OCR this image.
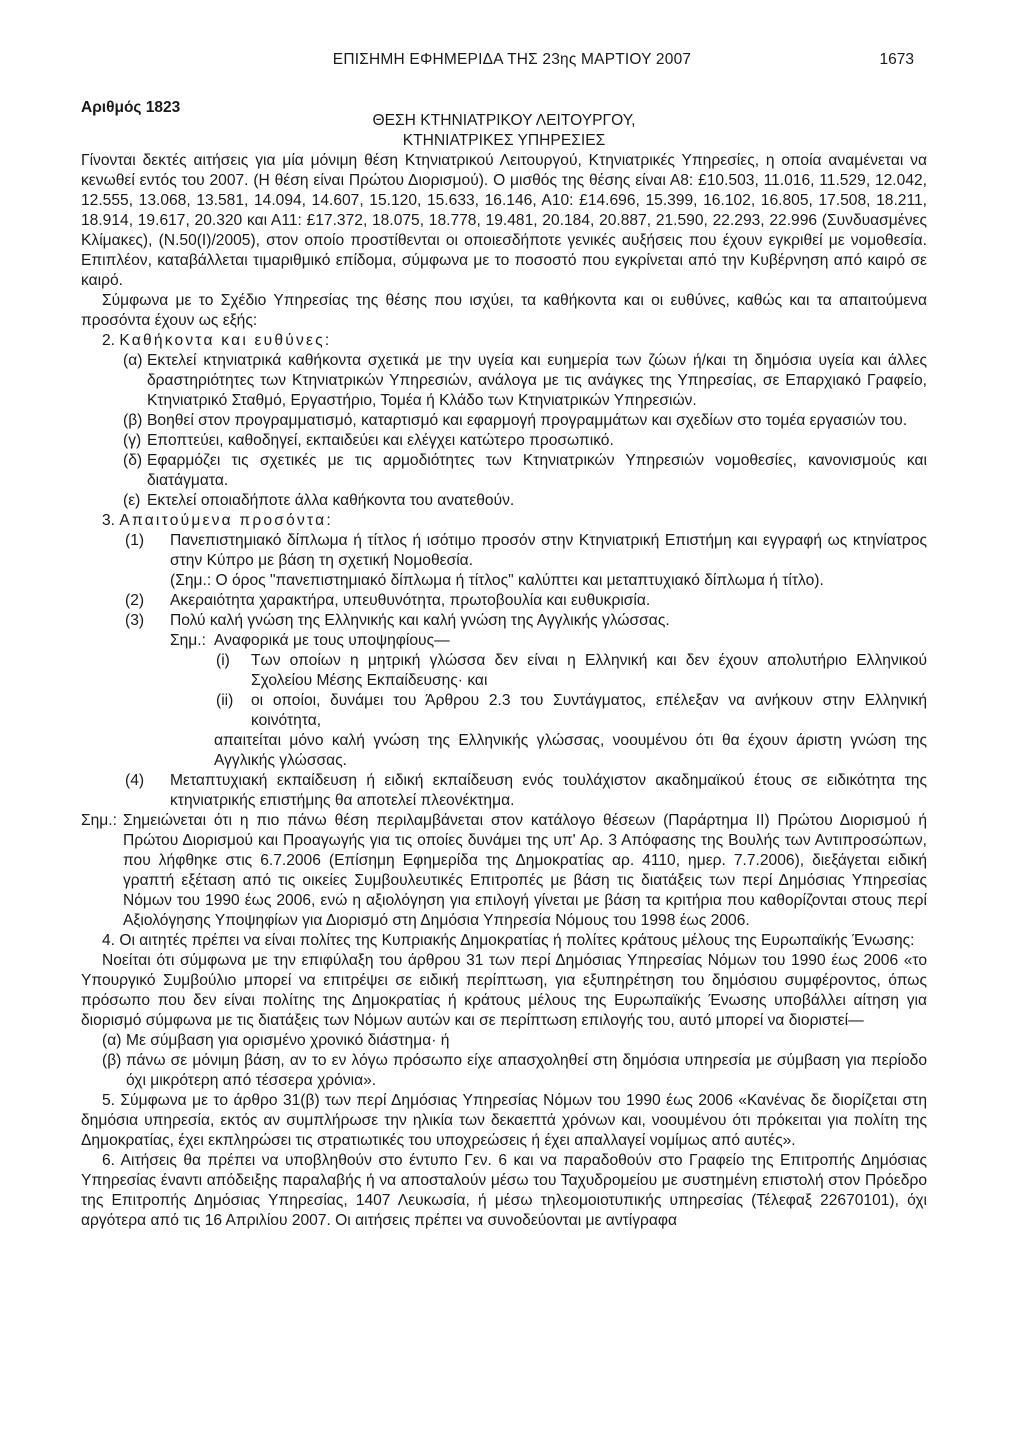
ΕΠΙΣΗΜΗ ΕΦΗΜΕΡΙΔΑ ΤΗΣ 23ης ΜΑΡΤΙΟΥ 2007	1673
Αριθμός 1823

ΘΕΣΗ ΚΤΗΝΙΑΤΡΙΚΟΥ ΛΕΙΤΟΥΡΓΟΥ,

ΚΤΗΝΙΑΤΡΙΚΕΣ ΥΠΗΡΕΣΙΕΣ

Γίνονται δεκτές αιτήσεις για μία μόνιμη θέση Κτηνιατρικού Λειτουργού, Κτηνιατρικές Υπηρεσίες, η οποία αναμένεται να κενωθεί εντός του 2007. (Η θέση είναι Πρώτου Διορισμού). Ο μισθός της θέσης είναι Α8: £10.503, 11.016, 11.529, 12.042, 12.555, 13.068, 13.581, 14.094, 14.607, 15.120, 15.633, 16.146, Α10: £14.696, 15.399, 16.102, 16.805, 17.508, 18.211, 18.914, 19.617, 20.320 και Α11: £17.372, 18.075, 18.778, 19.481, 20.184, 20.887, 21.590, 22.293, 22.996 (Συνδυασμένες Κλίμακες), (Ν.50(Ι)/2005), στον οποίο προστίθενται οι οποιεσδήποτε γενικές αυξήσεις που έχουν εγκριθεί με νομοθεσία. Επιπλέον, καταβάλλεται τιμαριθμικό επίδομα, σύμφωνα με το ποσοστό που εγκρίνεται από την Κυβέρνηση από καιρό σε καιρό.

Σύμφωνα με το Σχέδιο Υπηρεσίας της θέσης που ισχύει, τα καθήκοντα και οι ευθύνες, καθώς και τα απαιτούμενα προσόντα έχουν ως εξής:

2. Καθήκοντα και ευθύνες:

(α) Εκτελεί κτηνιατρικά καθήκοντα σχετικά με την υγεία και ευημερία των ζώων ή/και τη δημόσια υγεία και άλλες δραστηριότητες των Κτηνιατρικών Υπηρεσιών, ανάλογα με τις ανάγκες της Υπηρεσίας, σε Επαρχιακό Γραφείο, Κτηνιατρικό Σταθμό, Εργαστήριο, Τομέα ή Κλάδο των Κτηνιατρικών Υπηρεσιών.
(β) Βοηθεί στον προγραμματισμό, καταρτισμό και εφαρμογή προγραμμάτων και σχεδίων στο τομέα εργασιών του.
(γ) Εποπτεύει, καθοδηγεί, εκπαιδεύει και ελέγχει κατώτερο προσωπικό.
(δ) Εφαρμόζει τις σχετικές με τις αρμοδιότητες των Κτηνιατρικών Υπηρεσιών νομοθεσίες, κανονισμούς και διατάγματα.
(ε) Εκτελεί οποιαδήποτε άλλα καθήκοντα του ανατεθούν.

3. Απαιτούμενα προσόντα:

(1)	Πανεπιστημιακό δίπλωμα ή τίτλος ή ισότιμο προσόν στην Κτηνιατρική Επιστήμη και εγγραφή ως κτηνίατρος στην Κύπρο με βάση τη σχετική Νομοθεσία.

(Σημ.: Ο όρος "πανεπιστημιακό δίπλωμα ή τίτλος" καλύπτει και μεταπτυχιακό δίπλωμα ή τίτλο).

(2)	Ακεραιότητα χαρακτήρα, υπευθυνότητα, πρωτοβουλία και ευθυκρισία.
(3)	Πολύ καλή γνώση της Ελληνικής και καλή γνώση της Αγγλικής γλώσσας.

Σημ.: Αναφορικά με τους υποψηφίους—

(i)	Των οποίων η μητρική γλώσσα δεν είναι η Ελληνική και δεν έχουν απολυτήριο Ελληνικού Σχολείου Μέσης Εκπαίδευσης· και
(ii)	οι οποίοι, δυνάμει του Άρθρου 2.3 του Συντάγματος, επέλεξαν να ανήκουν στην Ελληνική κοινότητα,

απαιτείται μόνο καλή γνώση της Ελληνικής γλώσσας, νοουμένου ότι θα έχουν άριστη γνώση της Αγγλικής γλώσσας.

(4)	Μεταπτυχιακή εκπαίδευση ή ειδική εκπαίδευση ενός τουλάχιστον ακαδημαϊκού έτους σε ειδικότητα της κτηνιατρικής επιστήμης θα αποτελεί πλεονέκτημα.
Σημ.: Σημειώνεται ότι η πιο πάνω θέση περιλαμβάνεται στον κατάλογο θέσεων (Παράρτημα ΙΙ) Πρώτου Διορισμού ή Πρώτου Διορισμού και Προαγωγής για τις οποίες δυνάμει της υπ' Αρ. 3 Απόφασης της Βουλής των Αντιπροσώπων, που λήφθηκε στις 6.7.2006 (Επίσημη Εφημερίδα της Δημοκρατίας αρ. 4110, ημερ. 7.7.2006), διεξάγεται ειδική γραπτή εξέταση από τις οικείες Συμβουλευτικές Επιτροπές με βάση τις διατάξεις των περί Δημόσιας Υπηρεσίας Νόμων του 1990 έως 2006, ενώ η αξιολόγηση για επιλογή γίνεται με βάση τα κριτήρια που καθορίζονται στους περί Αξιολόγησης Υποψηφίων για Διορισμό στη Δημόσια Υπηρεσία Νόμους του 1998 έως 2006.

4. Οι αιτητές πρέπει να είναι πολίτες της Κυπριακής Δημοκρατίας ή πολίτες κράτους μέλους της Ευρωπαϊκής Ένωσης:

Νοείται ότι σύμφωνα με την επιφύλαξη του άρθρου 31 των περί Δημόσιας Υπηρεσίας Νόμων του 1990 έως 2006 «το Υπουργικό Συμβούλιο μπορεί να επιτρέψει σε ειδική περίπτωση, για εξυπηρέτηση του δημόσιου συμφέροντος, όπως πρόσωπο που δεν είναι πολίτης της Δημοκρατίας ή κράτους μέλους της Ευρωπαϊκής Ένωσης υποβάλλει αίτηση για διορισμό σύμφωνα με τις διατάξεις των Νόμων αυτών και σε περίπτωση επιλογής του, αυτό μπορεί να διοριστεί—

(α) Με σύμβαση για ορισμένο χρονικό διάστημα· ή
(β) πάνω σε μόνιμη βάση, αν το εν λόγω πρόσωπο είχε απασχοληθεί στη δημόσια υπηρεσία με σύμβαση για περίοδο όχι μικρότερη από τέσσερα χρόνια».

5. Σύμφωνα με το άρθρο 31(β) των περί Δημόσιας Υπηρεσίας Νόμων του 1990 έως 2006 «Κανένας δε διορίζεται στη δημόσια υπηρεσία, εκτός αν συμπλήρωσε την ηλικία των δεκαεπτά χρόνων και, νοουμένου ότι πρόκειται για πολίτη της Δημοκρατίας, έχει εκπληρώσει τις στρατιωτικές του υποχρεώσεις ή έχει απαλλαγεί νομίμως από αυτές».

6. Αιτήσεις θα πρέπει να υποβληθούν στο έντυπο Γεν. 6 και να παραδοθούν στο Γραφείο της Επιτροπής Δημόσιας Υπηρεσίας έναντι απόδειξης παραλαβής ή να αποσταλούν μέσω του Ταχυδρομείου με συστημένη επιστολή στον Πρόεδρο της Επιτροπής Δημόσιας Υπηρεσίας, 1407 Λευκωσία, ή μέσω τηλεομοιοτυπικής υπηρεσίας (Τέλεφαξ 22670101), όχι αργότερα από τις 16 Απριλίου 2007. Οι αιτήσεις πρέπει να συνοδεύονται με αντίγραφα
